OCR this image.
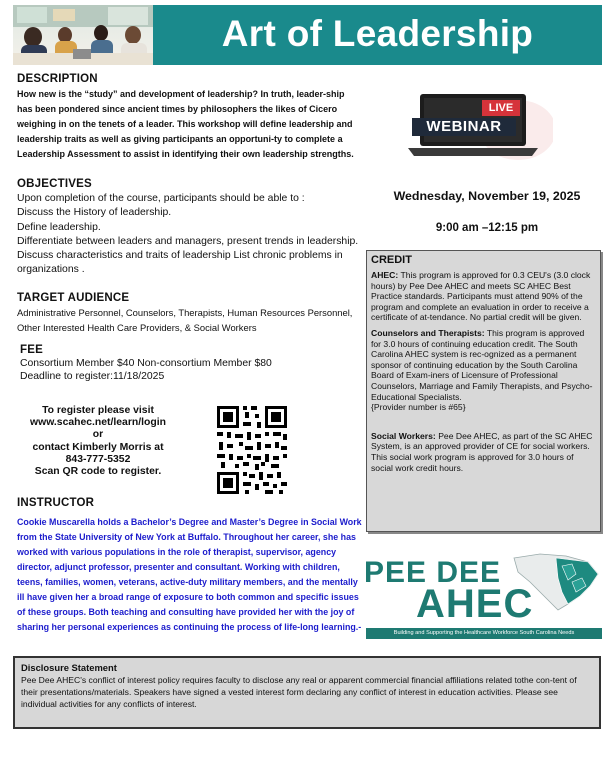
Art of Leadership
DESCRIPTION
How new is the “study” and development of leadership? In truth, leader-ship has been pondered since ancient times by philosophers the likes of Cicero weighing in on the tenets of a leader. This workshop will define leadership and leadership traits as well as giving participants an opportuni-ty to complete a Leadership Assessment to assist in identifying their own leadership strengths.
OBJECTIVES
Upon completion of the course, participants should be able to :
Discuss the History of leadership.
Define leadership.
Differentiate between leaders and managers, present trends in leadership.
Discuss characteristics and traits of leadership List chronic problems in organizations .
TARGET AUDIENCE
Administrative Personnel, Counselors, Therapists, Human Resources Personnel, Other Interested Health Care Providers, & Social Workers
FEE
Consortium Member $40 Non-consortium Member $80
Deadline to register:11/18/2025
To register please visit
www.scahec.net/learn/login
or
contact Kimberly Morris at
843-777-5352
Scan QR code to register.
INSTRUCTOR
Cookie Muscarella holds a Bachelor’s Degree and Master’s Degree in Social Work from the State University of New York at Buffalo. Throughout her career, she has worked with various populations in the role of therapist, supervisor, agency director, adjunct professor, presenter and consultant. Working with children, teens, families, women, veterans, active-duty military members, and the mentally ill have given her a broad range of exposure to both common and specific issues of these groups. Both teaching and consulting have provided her with the joy of sharing her personal experiences as continuing the process of life-long learning.-
LIVE
WEBINAR
Wednesday, November 19, 2025
9:00 am –12:15 pm
CREDIT
AHEC: This program is approved for 0.3 CEU's (3.0 clock hours) by Pee Dee AHEC and meets SC AHEC Best Practice standards. Participants must attend 90% of the program and complete an evaluation in order to receive a certificate of at-tendance. No partial credit will be given.
Counselors and Therapists: This program is approved for 3.0 hours of continuing education credit. The South Carolina AHEC system is rec-ognized as a permanent sponsor of continuing education by the South Carolina Board of Exam-iners of Licensure of Professional Counselors, Marriage and Family Therapists, and Psycho-Educational Specialists.
{Provider number is #65}
Social Workers: Pee Dee AHEC, as part of the SC AHEC System, is an approved provider of CE for social workers. This social work program is approved for 3.0 hours of social work credit hours.
PEE DEE
AHEC
Building and Supporting the Healthcare Workforce South Carolina Needs
Disclosure Statement
Pee Dee AHEC's conflict of interest policy requires faculty to disclose any real or apparent commercial financial affiliations related tothe con-tent of their presentations/materials. Speakers have signed a vested interest form declaring any conflict of interest in education activities. Please see individual activities for any conflicts of interest.
